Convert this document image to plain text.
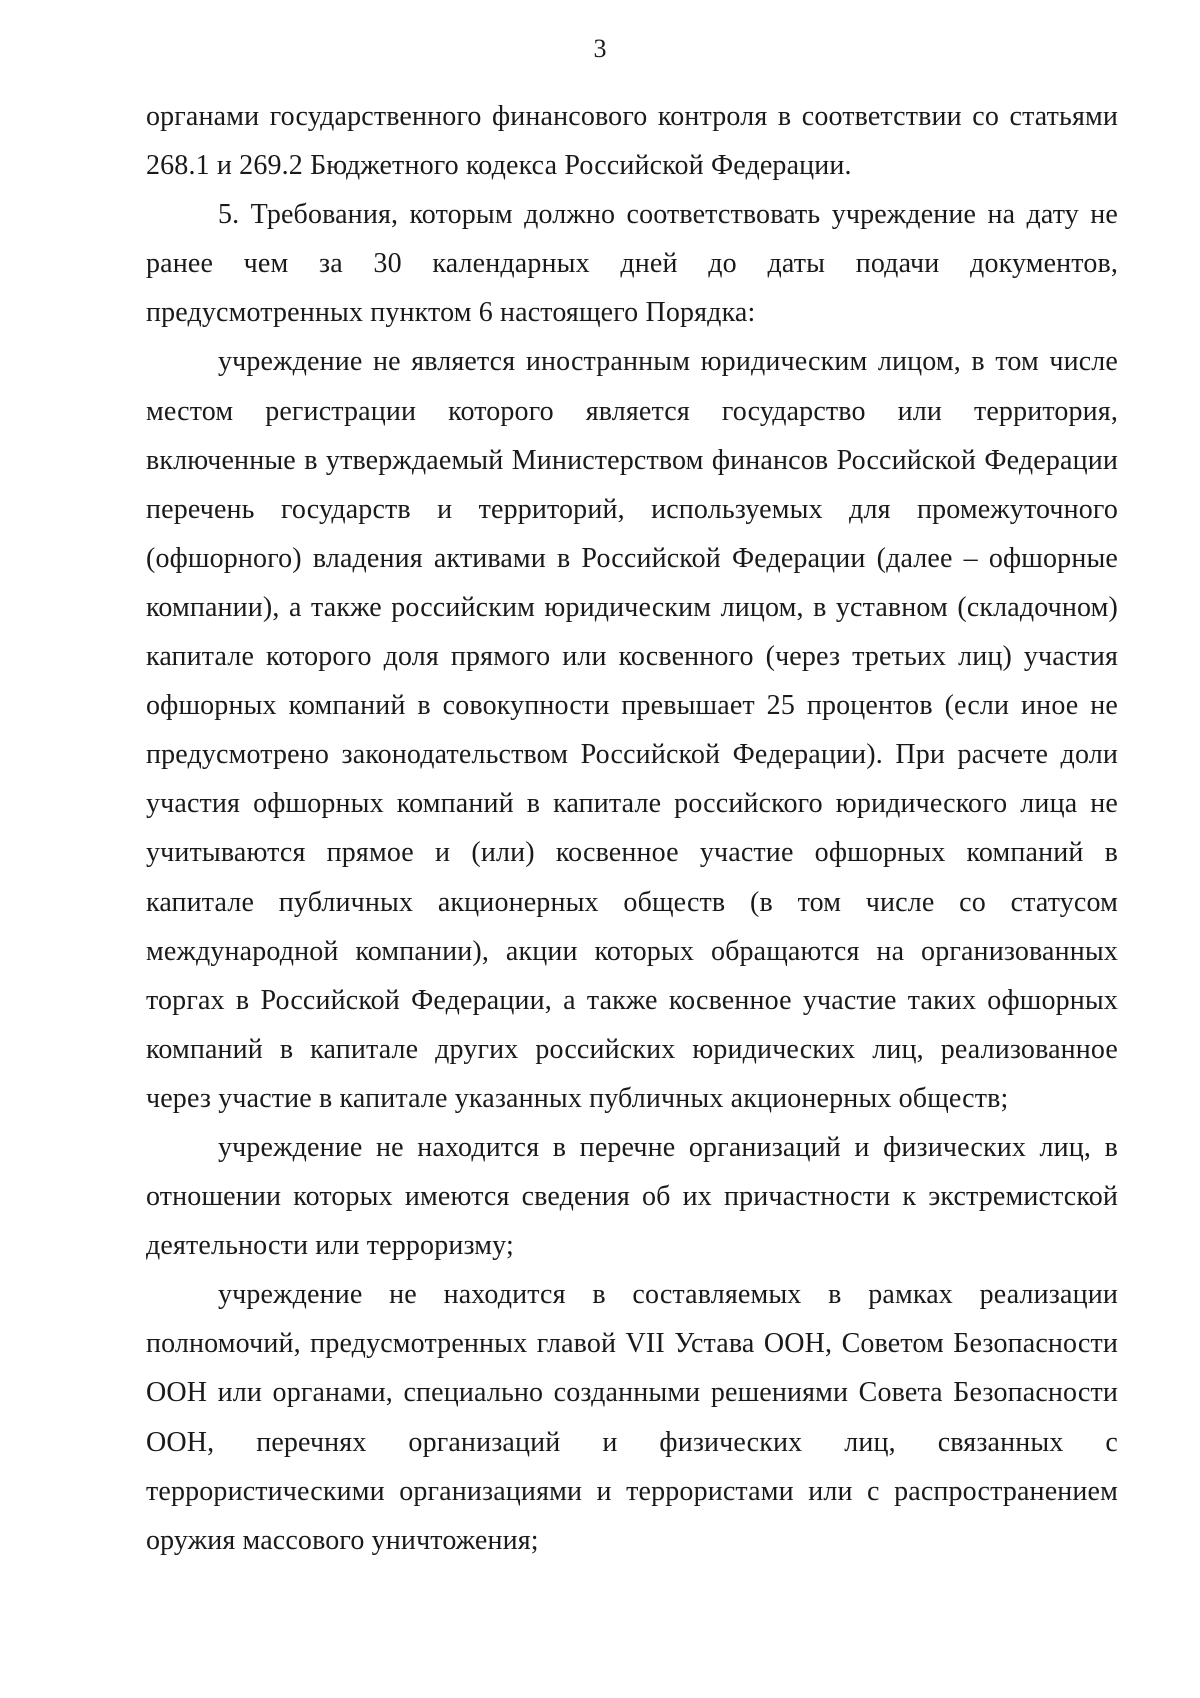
3

органами государственного финансового контроля в соответствии со статьями 268.1 и 269.2 Бюджетного кодекса Российской Федерации.

5. Требования, которым должно соответствовать учреждение на дату не ранее чем за 30 календарных дней до даты подачи документов, предусмотренных пунктом 6 настоящего Порядка:

учреждение не является иностранным юридическим лицом, в том числе местом регистрации которого является государство или территория, включенные в утверждаемый Министерством финансов Российской Федерации перечень государств и территорий, используемых для промежуточного (офшорного) владения активами в Российской Федерации (далее – офшорные компании), а также российским юридическим лицом, в уставном (складочном) капитале которого доля прямого или косвенного (через третьих лиц) участия офшорных компаний в совокупности превышает 25 процентов (если иное не предусмотрено законодательством Российской Федерации). При расчете доли участия офшорных компаний в капитале российского юридического лица не учитываются прямое и (или) косвенное участие офшорных компаний в капитале публичных акционерных обществ (в том числе со статусом международной компании), акции которых обращаются на организованных торгах в Российской Федерации, а также косвенное участие таких офшорных компаний в капитале других российских юридических лиц, реализованное через участие в капитале указанных публичных акционерных обществ;

учреждение не находится в перечне организаций и физических лиц, в отношении которых имеются сведения об их причастности к экстремистской деятельности или терроризму;

учреждение не находится в составляемых в рамках реализации полномочий, предусмотренных главой VII Устава ООН, Советом Безопасности ООН или органами, специально созданными решениями Совета Безопасности ООН, перечнях организаций и физических лиц, связанных с террористическими организациями и террористами или с распространением оружия массового уничтожения;
